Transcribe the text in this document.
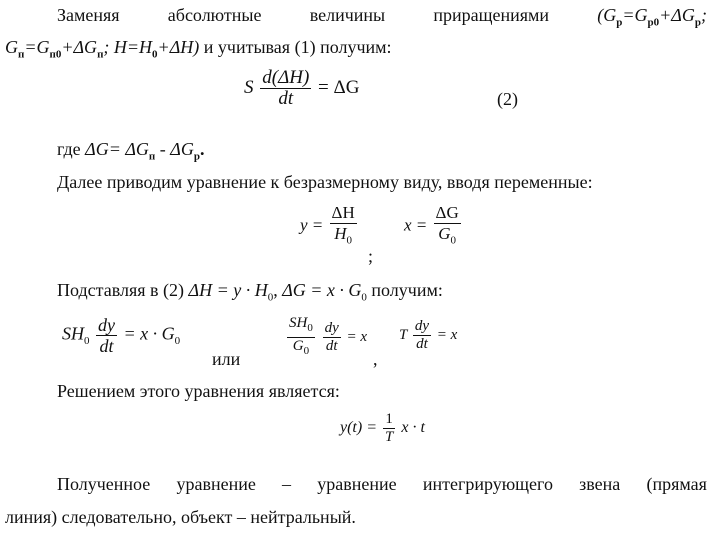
Заменяя	абсолютные	величины	приращениями	($G_р=G_{р0}+\Delta G_р$;
$G_п=G_{п0}+\Delta G_п$; $H=H_0+\Delta H$) и учитывая (1) получим:
S $\frac{d(\Delta H)}{dt} = \Delta G$
(2)
где $\Delta G= \Delta G_п - \Delta G_р$.
Далее приводим уравнение к безразмерному виду, вводя переменные:
$y = \frac{\Delta H}{H_0}$
;
$x = \frac{\Delta G}{G_0}$
Подставляя в (2) $\Delta H = y \cdot H_0$, $\Delta G = x \cdot G_0$ получим:
$SH_0 \frac{dy}{dt} = x \cdot G_0$
или	$\frac{SH_0}{G_0}$
$\frac{dy}{dt} = x$
,
T $\frac{dy}{dt} = x$
Решением этого уравнения является:
$y(t) = \frac{1}{T}$ x · t
Полученное уравнение – уравнение интегрирующего звена (прямая
линия) следовательно, объект – нейтральный.
